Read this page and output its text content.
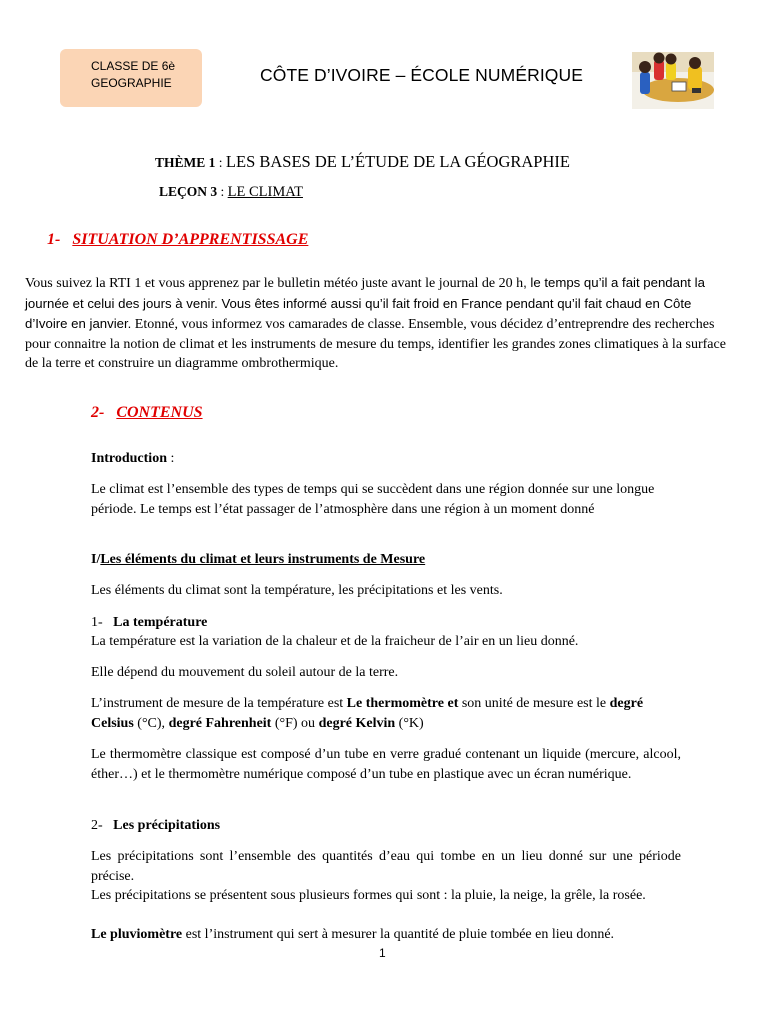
CLASSE DE 6è
GEOGRAPHIE	CÔTE D’IVOIRE – ÉCOLE NUMÉRIQUE
THÈME 1 : LES BASES DE L’ÉTUDE DE LA GÉOGRAPHIE
LEÇON 3 : LE CLIMAT
1- SITUATION D’APPRENTISSAGE
Vous suivez la RTI 1 et vous apprenez par le bulletin météo juste avant le journal de 20 h, le temps qu’il a fait pendant la journée et celui des jours à venir. Vous êtes informé aussi qu’il fait froid en France pendant qu’il fait chaud en Côte d’Ivoire en janvier. Etonné, vous informez vos camarades de classe. Ensemble, vous décidez d’entreprendre des recherches pour connaitre la notion de climat et les instruments de mesure du temps, identifier les grandes zones climatiques à la surface de la terre et construire un diagramme ombrothermique.
2- CONTENUS
Introduction :
Le climat est l’ensemble des types de temps qui se succèdent dans une région donnée sur une longue période. Le temps est l’état passager de l’atmosphère dans une région à un moment donné
I/Les éléments du climat et leurs instruments de Mesure
Les éléments du climat sont la température, les précipitations et les vents.
1- La température
La température est la variation de la chaleur et de la fraicheur de l’air en un lieu donné.
Elle dépend du mouvement du soleil autour de la terre.
L’instrument de mesure de la température est Le thermomètre et son unité de mesure est le degré Celsius (°C), degré Fahrenheit (°F) ou degré Kelvin (°K)
Le thermomètre classique est composé d’un tube en verre gradué contenant un liquide (mercure, alcool, éther…) et le thermomètre numérique composé d’un tube en plastique avec un écran numérique.
2- Les précipitations
Les précipitations sont l’ensemble des quantités d’eau qui tombe en un lieu donné sur une période précise.
Les précipitations se présentent sous plusieurs formes qui sont : la pluie, la neige, la grêle, la rosée.
Le pluviomètre est l’instrument qui sert à mesurer la quantité de pluie tombée en lieu donné.
1
